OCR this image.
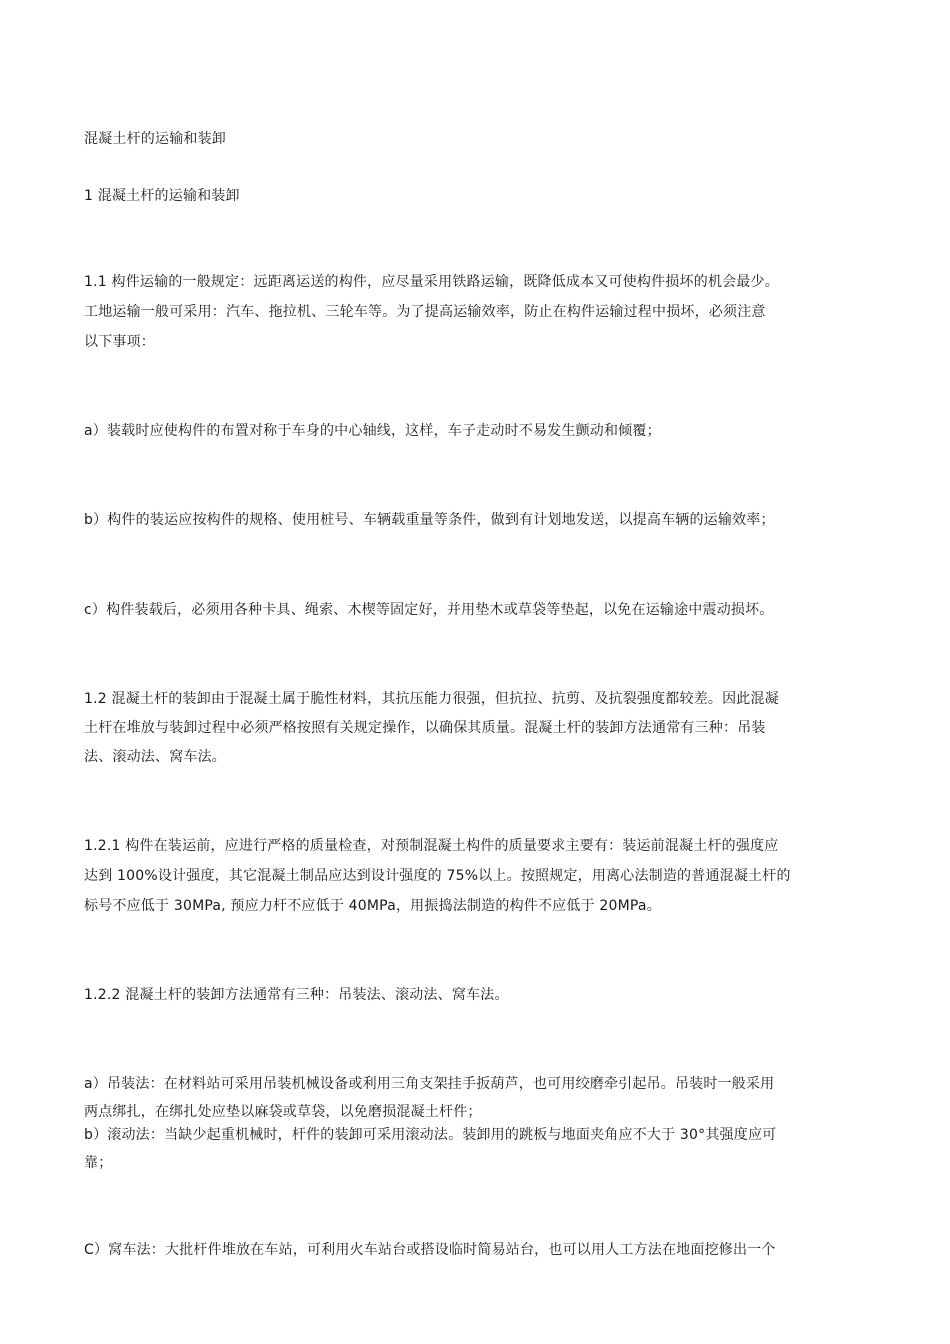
混凝土杆的运输和装卸
1 混凝土杆的运输和装卸
1.1 构件运输的一般规定：远距离运送的构件，应尽量采用铁路运输，既降低成本又可使构件损坏的机会最少。
工地运输一般可采用：汽车、拖拉机、三轮车等。为了提高运输效率，防止在构件运输过程中损坏，必须注意
以下事项：
a）装载时应使构件的布置对称于车身的中心轴线，这样，车子走动时不易发生颤动和倾覆；
b）构件的装运应按构件的规格、使用桩号、车辆载重量等条件，做到有计划地发送，以提高车辆的运输效率；
c）构件装载后，必须用各种卡具、绳索、木楔等固定好，并用垫木或草袋等垫起，以免在运输途中震动损坏。
1.2 混凝土杆的装卸由于混凝土属于脆性材料，其抗压能力很强，但抗拉、抗剪、及抗裂强度都较差。因此混凝
土杆在堆放与装卸过程中必须严格按照有关规定操作，以确保其质量。混凝土杆的装卸方法通常有三种：吊装
法、滚动法、窝车法。
1.2.1 构件在装运前，应进行严格的质量检查，对预制混凝土构件的质量要求主要有：装运前混凝土杆的强度应
达到 100%设计强度，其它混凝土制品应达到设计强度的 75%以上。按照规定，用离心法制造的普通混凝土杆的
标号不应低于 30MPa, 预应力杆不应低于 40MPa，用振捣法制造的构件不应低于 20MPa。
1.2.2 混凝土杆的装卸方法通常有三种：吊装法、滚动法、窝车法。
a）吊装法：在材料站可采用吊装机械设备或利用三角支架挂手扳葫芦，也可用绞磨牵引起吊。吊装时一般采用
两点绑扎，在绑扎处应垫以麻袋或草袋，以免磨损混凝土杆件；
b）滚动法：当缺少起重机械时，杆件的装卸可采用滚动法。装卸用的跳板与地面夹角应不大于 30°其强度应可
靠；
C）窝车法：大批杆件堆放在车站，可利用火车站台或搭设临时简易站台，也可以用人工方法在地面挖修出一个
